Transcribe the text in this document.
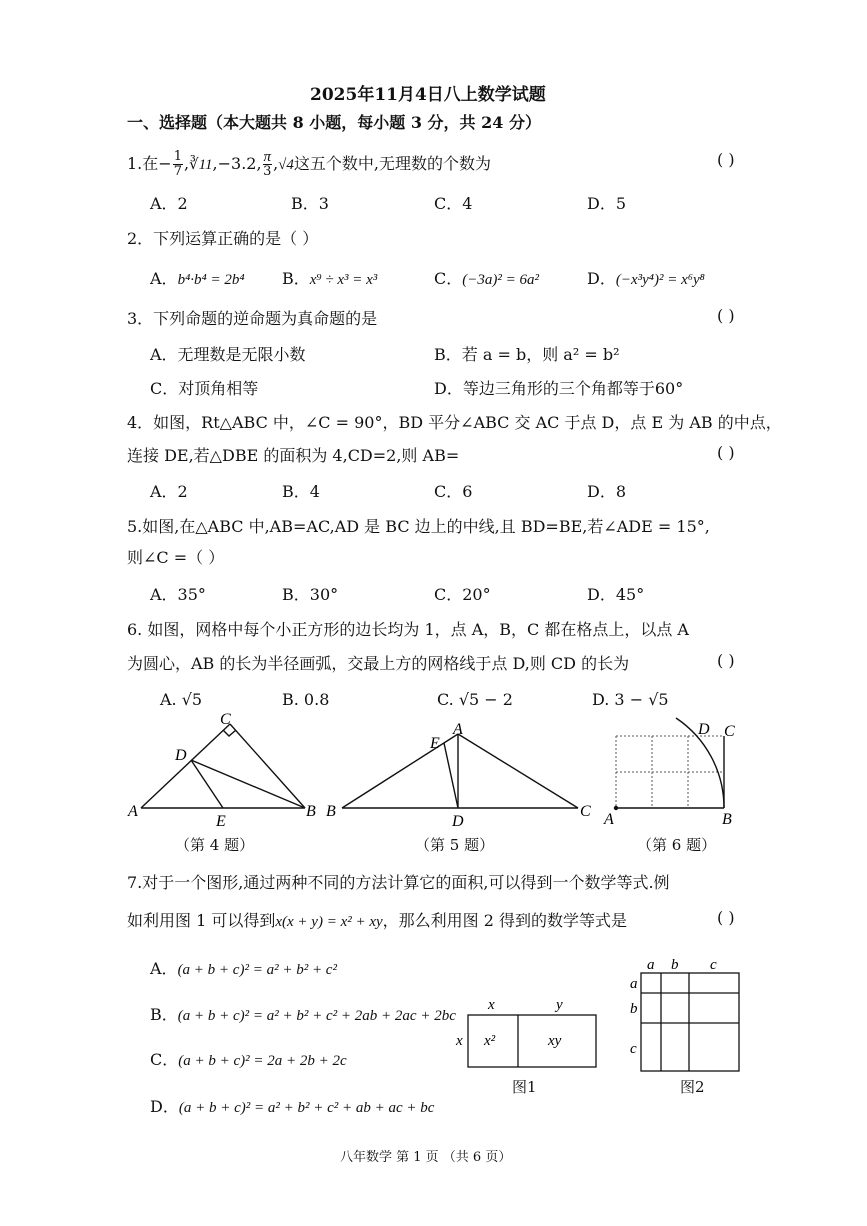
2025年11月4日八上数学试题
一、选择题（本大题共 8 小题，每小题 3 分，共 24 分）
1.在− $\frac{1}{7}$ ,∛11,−3.2, $\frac{\pi}{3} ,√4$这五个数中,无理数的个数为	( )
A．2	B．3	C．4	D．5
2．下列运算正确的是（ ）
A．b⁴·b⁴ = 2b⁴ B．x⁹ ÷ x³ = x³	C．(−3a)² = 6a²	D．(−x³y⁴)² = x⁶y⁸
3．下列命题的逆命题为真命题的是	( )
A．无理数是无限小数	B．若 a = b，则 a² = b²
C．对顶角相等	D．等边三角形的三个角都等于60°
4．如图，Rt△ABC 中，∠C = 90°，BD 平分∠ABC 交 AC 于点 D，点 E 为 AB 的中点，
连接 DE,若△DBE 的面积为 4,CD=2,则 AB=	( )
A．2	B．4	C．6	D．8
5.如图,在△ABC 中,AB=AC,AD 是 BC 边上的中线,且 BD=BE,若∠ADE = 15°,
则∠C =（ ）
A．35°	B．30°	C．20°	D．45°
6. 如图，网格中每个小正方形的边长均为 1，点 A，B，C 都在格点上，以点 A
为圆心，AB 的长为半径画弧，交最上方的网格线于点 D,则 CD 的长为	( )
A. √5	B. 0.8	C. √5 − 2	D. 3 − √5
C
D
A
E
B
（第 4 题）
E
A
B
D
C
（第 5 题）
D C
A	B
（第 6 题）
7.对于一个图形,通过两种不同的方法计算它的面积,可以得到一个数学等式.例
如利用图 1 可以得到x(x + y) = x² + xy，那么利用图 2 得到的数学等式是	( )
A．(a + b + c)² = a² + b² + c²
B．(a + b + c)² = a² + b² + c² + 2ab + 2ac + 2bc
C．(a + b + c)² = 2a + 2b + 2c
D．(a + b + c)² = a² + b² + c² + ab + ac + bc
x	y
x x²	xy
图1
a b c
a
b
c
图2
八年数学 第 1 页 （共 6 页）
